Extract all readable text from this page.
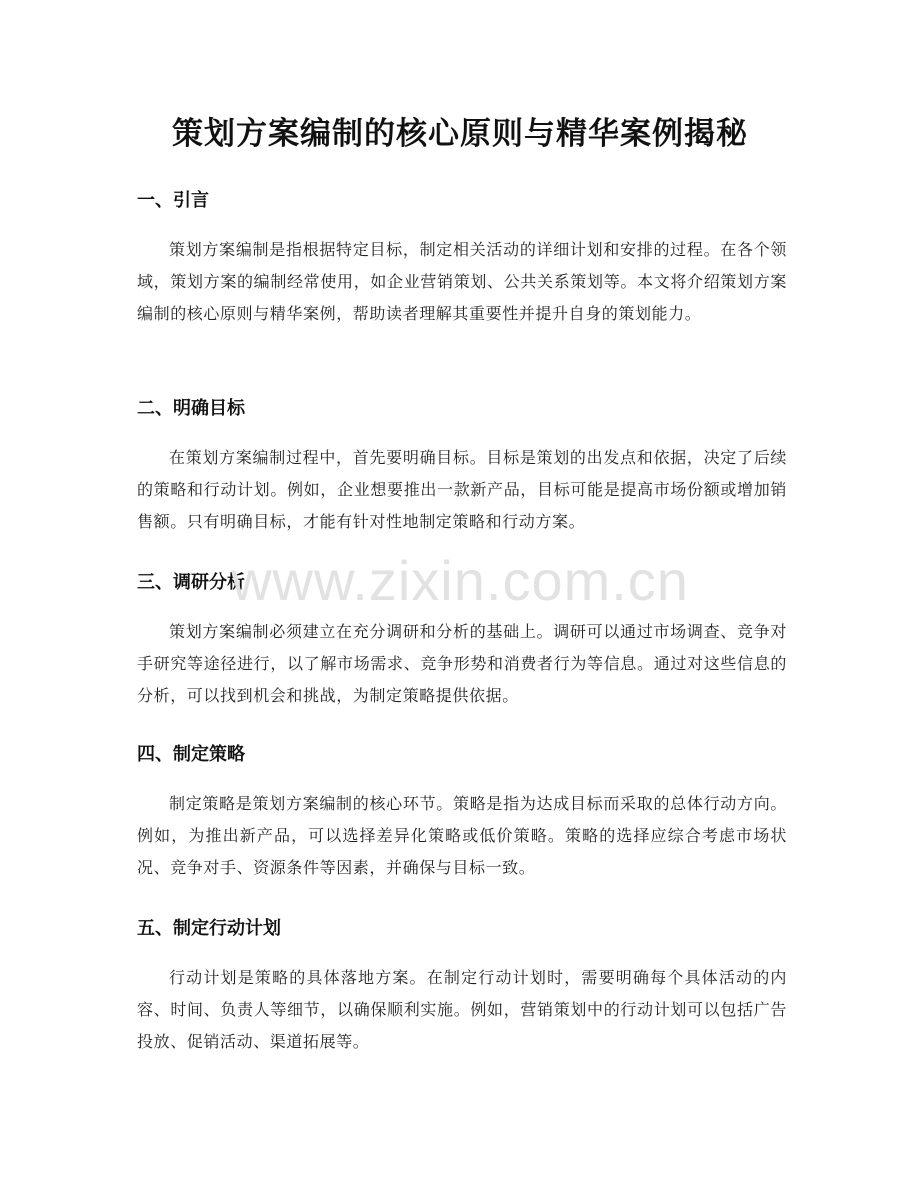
策划方案编制的核心原则与精华案例揭秘
一、引言

策划方案编制是指根据特定目标，制定相关活动的详细计划和安排的过程。在各个领域，策划方案的编制经常使用，如企业营销策划、公共关系策划等。本文将介绍策划方案编制的核心原则与精华案例，帮助读者理解其重要性并提升自身的策划能力。

二、明确目标

在策划方案编制过程中，首先要明确目标。目标是策划的出发点和依据，决定了后续的策略和行动计划。例如，企业想要推出一款新产品，目标可能是提高市场份额或增加销售额。只有明确目标，才能有针对性地制定策略和行动方案。

三、调研分析

策划方案编制必须建立在充分调研和分析的基础上。调研可以通过市场调查、竞争对手研究等途径进行，以了解市场需求、竞争形势和消费者行为等信息。通过对这些信息的分析，可以找到机会和挑战，为制定策略提供依据。

四、制定策略

制定策略是策划方案编制的核心环节。策略是指为达成目标而采取的总体行动方向。例如，为推出新产品，可以选择差异化策略或低价策略。策略的选择应综合考虑市场状况、竞争对手、资源条件等因素，并确保与目标一致。

五、制定行动计划

行动计划是策略的具体落地方案。在制定行动计划时，需要明确每个具体活动的内容、时间、负责人等细节，以确保顺利实施。例如，营销策划中的行动计划可以包括广告投放、促销活动、渠道拓展等。

www.zixin.com.cn
